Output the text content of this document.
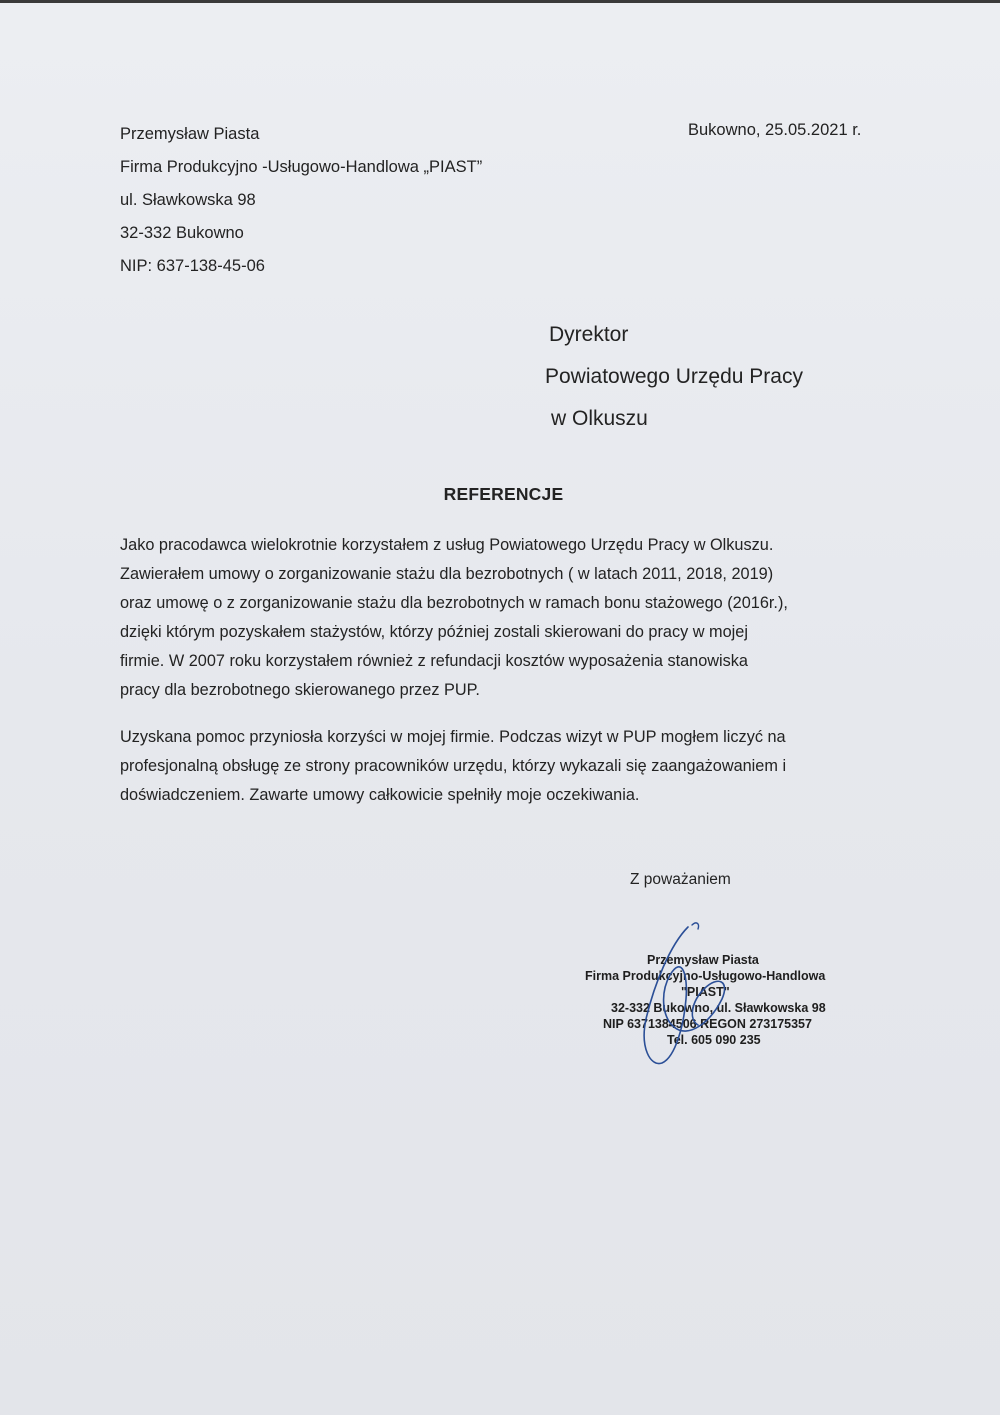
Przemysław Piasta
Firma Produkcyjno -Usługowo-Handlowa „PIAST”
ul. Sławkowska 98
32-332 Bukowno
NIP: 637-138-45-06
Bukowno, 25.05.2021 r.
Dyrektor
Powiatowego Urzędu Pracy
w Olkuszu
REFERENCJE
Jako pracodawca wielokrotnie korzystałem z usług Powiatowego Urzędu Pracy w Olkuszu.
Zawierałem umowy o zorganizowanie stażu dla bezrobotnych ( w latach 2011, 2018, 2019)
oraz umowę o z zorganizowanie stażu dla bezrobotnych w ramach bonu stażowego (2016r.),
dzięki którym pozyskałem stażystów, którzy później zostali skierowani do pracy w mojej
firmie. W 2007 roku korzystałem również z refundacji kosztów wyposażenia stanowiska
pracy dla bezrobotnego skierowanego przez PUP.
Uzyskana pomoc przyniosła korzyści w mojej firmie. Podczas wizyt w PUP mogłem liczyć na
profesjonalną obsługę ze strony pracowników urzędu, którzy wykazali się zaangażowaniem i
doświadczeniem. Zawarte umowy całkowicie spełniły moje oczekiwania.
Z poważaniem
Przemysław Piasta
Firma Produkcyjno-Usługowo-Handlowa
"PIAST"
32-332 Bukowno, ul. Sławkowska 98
NIP 6371384506 REGON 273175357
Tel. 605 090 235
